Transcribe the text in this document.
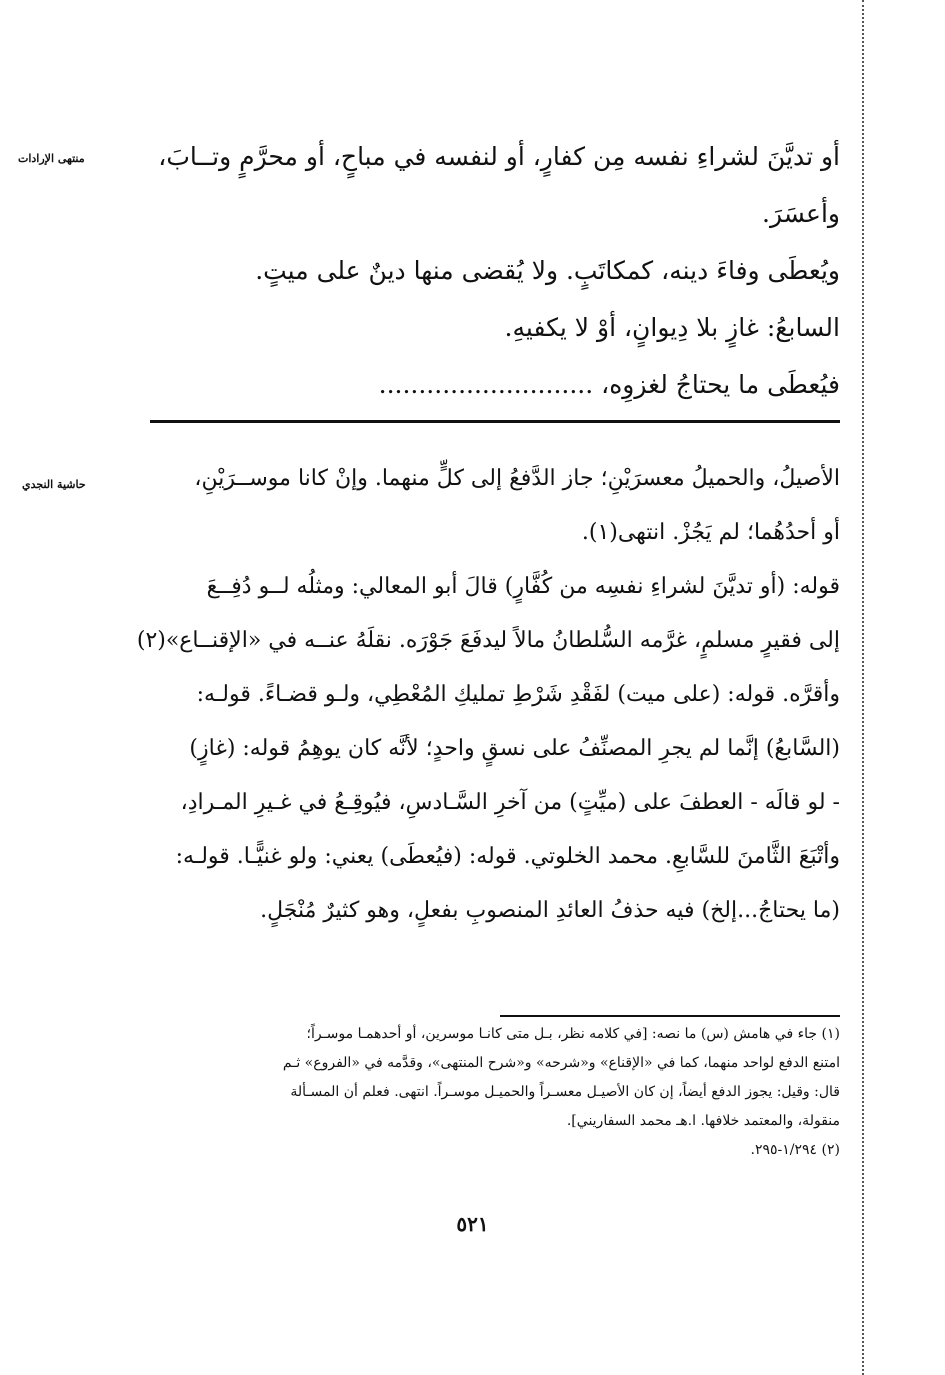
منتهى الإرادات	أو تديَّنَ لشراءِ نفسه مِن كفارٍ، أو لنفسه في مباحٍ، أو محرَّمٍ وتــابَ،
وأعسَرَ.
ويُعطَى وفاءَ دينه، كمكاتَبٍ. ولا يُقضى منها دينٌ على ميتٍ.
السابعُ: غازٍ بلا دِيوانٍ، أوْ لا يكفيهِ.
فيُعطَى ما يحتاجُ لغزوِه، ...........................
حاشية النجدي	الأصيلُ، والحميلُ معسرَيْنِ؛ جاز الدَّفعُ إلى كلٍّ منهما. وإنْ كانا موســرَيْنِ،
أو أحدُهُما؛ لم يَجُزْ. انتهى(١).
قوله: (أو تديَّنَ لشراءِ نفسِه من كُفَّارٍ) قالَ أبو المعالي: ومثلُه لــو دُفِــعَ
إلى فقيرٍ مسلمٍ، غرَّمه السُّلطانُ مالاً ليدفَعَ جَوْرَه. نقلَهُ عنــه في «الإقنــاع»(٢)
وأقرَّه. قوله: (على ميت) لفَقْدِ شَرْطِ تمليكِ المُعْطِي، ولـو قضـاءً. قولـه:
(السَّابعُ) إنَّما لم يجرِ المصنِّفُ على نسقٍ واحدٍ؛ لأنَّه كان يوهِمُ قوله: (غازٍ)
- لو قالَه - العطفَ على (ميِّتٍ) من آخرِ السَّـادسِ، فيُوقِـعُ في غـيرِ المـرادِ،
وأتْبَعَ الثَّامنَ للسَّابعِ. محمد الخلوتي. قوله: (فيُعطَى) يعني: ولو غنيًّـا. قولـه:
(ما يحتاجُ...إلخ) فيه حذفُ العائدِ المنصوبِ بفعلٍ، وهو كثيرٌ مُنْجَلٍ.
(١) جاء في هامش (س) ما نصه: [في كلامه نظر، بـل متى كانـا موسرين، أو أحدهمـا موسـراً؛
امتنع الدفع لواحد منهما، كما في «الإقناع» و«شرحه» و«شرح المنتهى»، وقدَّمه في «الفروع» ثـم
قال: وقيل: يجوز الدفع أيضاً، إن كان الأصيـل معسـراً والحميـل موسـراً. انتهى. فعلم أن المسـألة
منقولة، والمعتمد خلافها. ا.هـ محمد السفاريني].
(٢) ١/٢٩٤-٢٩٥.
٥٢١
